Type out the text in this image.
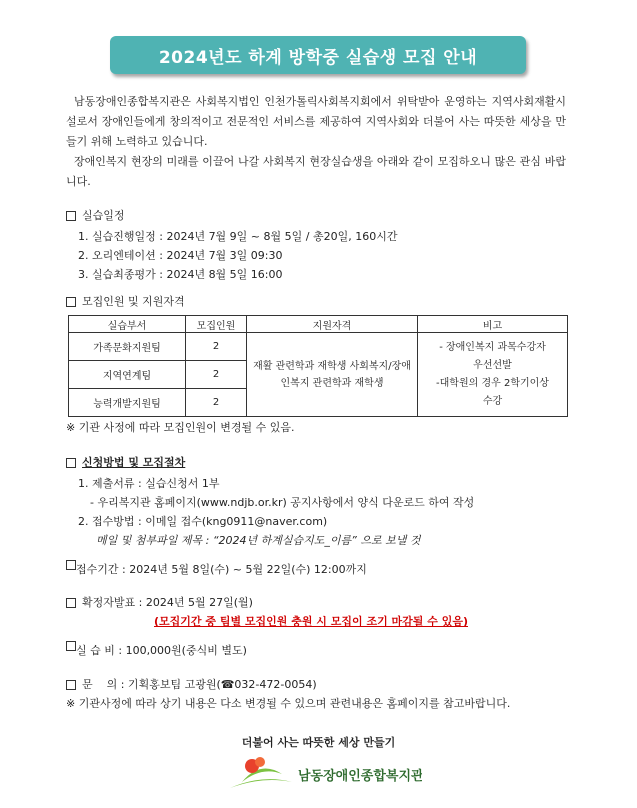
2024년도 하계 방학중 실습생 모집 안내

남동장애인종합복지관은 사회복지법인 인천가톨릭사회복지회에서 위탁받아 운영하는 지역사회재활시설로서 장애인들에게 창의적이고 전문적인 서비스를 제공하여 지역사회와 더불어 사는 따뜻한 세상을 만들기 위해 노력하고 있습니다.

장애인복지 현장의 미래를 이끌어 나갈 사회복지 현장실습생을 아래와 같이 모집하오니 많은 관심 바랍니다.

실습일정
1. 실습진행일정 : 2024년 7월 9일 ~ 8월 5일 / 총20일, 160시간
2. 오리엔테이션 : 2024년 7월 3일 09:30
3. 실습최종평가 : 2024년 8월 5일 16:00
모집인원 및 지원자격
실습부서	모집인원	지원자격	비고
가족문화지원팀	2	재활 관련학과 재학생 사회복지/장애인복지 관련학과 재학생	- 장애인복지 과목수강자
우선선발
-대학원의 경우 2학기이상
수강

지역연계팀	2		
능력개발지원팀	2		
※ 기관 사정에 따라 모집인원이 변경될 수 있음.
신청방법 및 모집절차
1. 제출서류 : 실습신청서 1부
- 우리복지관 홈페이지(www.ndjb.or.kr) 공지사항에서 양식 다운로드 하여 작성
2. 접수방법 : 이메일 접수(kng0911@naver.com)
메일 및 첨부파일 제목 : “2024년 하계실습지도_이름” 으로 보낼 것
접수기간 : 2024년 5월 8일(수) ~ 5월 22일(수) 12:00까지
확정자발표 : 2024년 5월 27일(월)
(모집기간 중 팀별 모집인원 충원 시 모집이 조기 마감될 수 있음)
실 습 비 : 100,000원(중식비 별도)
문    의 : 기획홍보팀 고광원(☎032-472-0054)
※ 기관사정에 따라 상기 내용은 다소 변경될 수 있으며 관련내용은 홈페이지를 참고바랍니다.
더불어 사는 따뜻한 세상 만들기
남동장애인종합복지관
